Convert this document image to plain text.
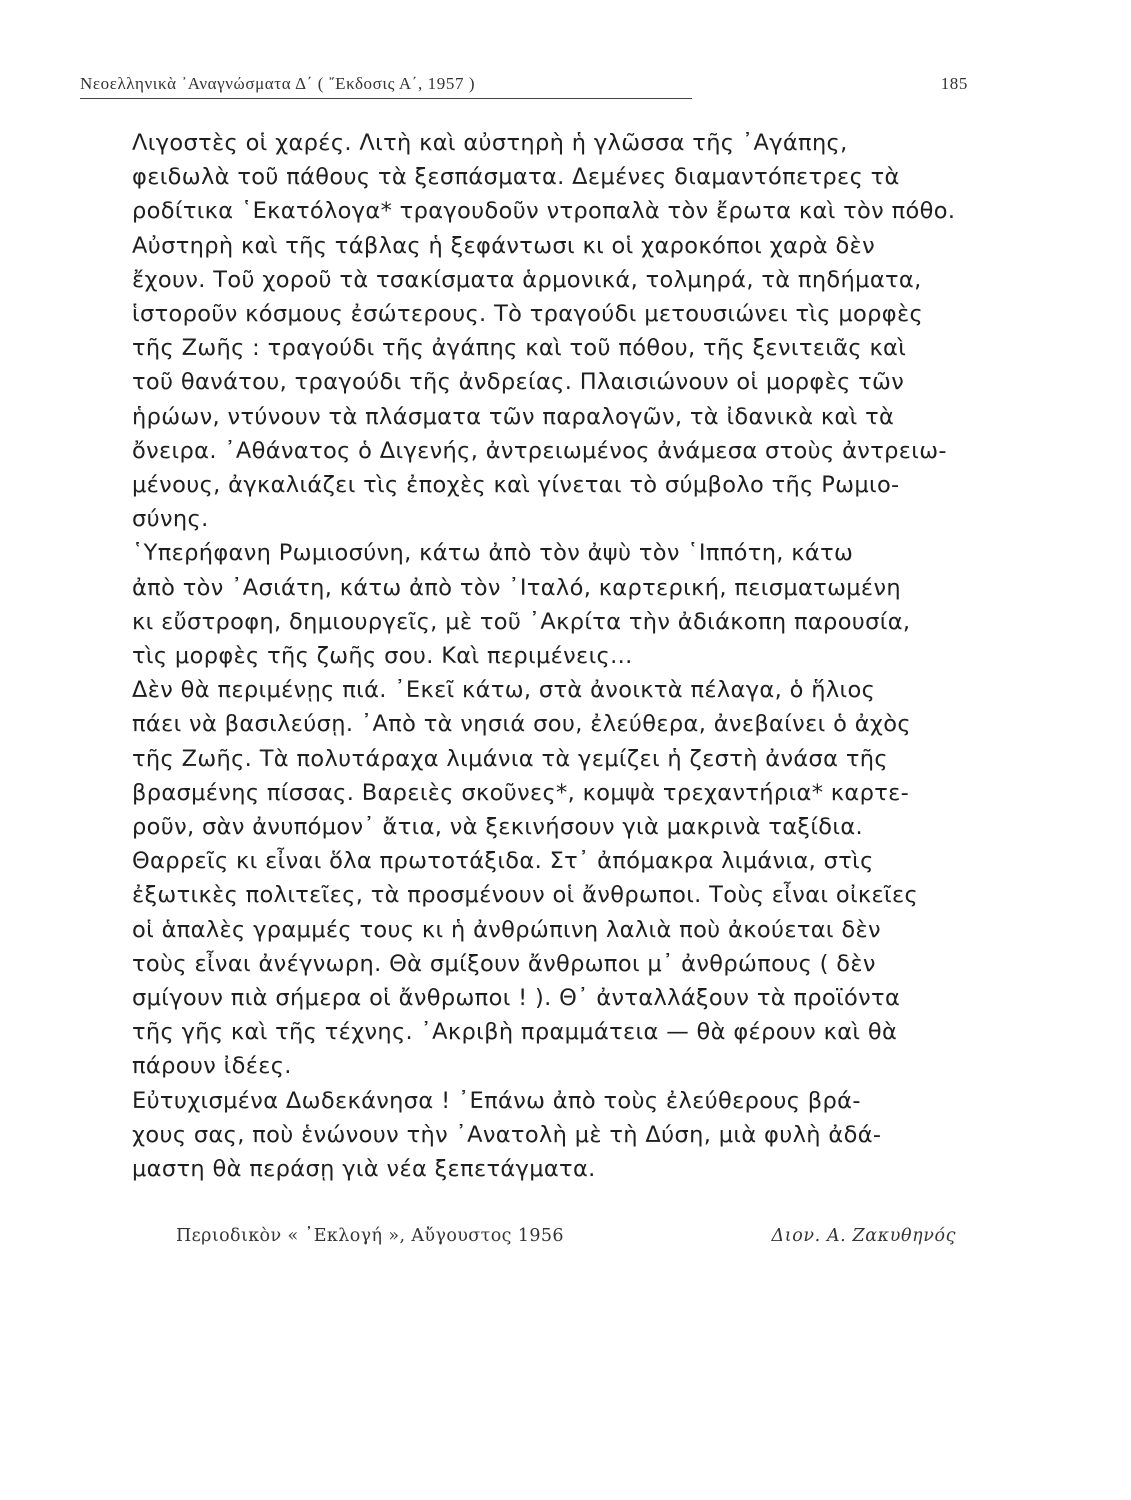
Νεοελληνικὰ ᾿Αναγνώσματα Δ΄ ( ῎Εκδοσις Α΄, 1957 )	185

Λιγοστὲς οἱ χαρές. Λιτὴ καὶ αὐστηρὴ ἡ γλῶσσα τῆς ᾿Αγάπης,
φειδωλὰ τοῦ πάθους τὰ ξεσπάσματα. Δεμένες διαμαντόπετρες τὰ
ροδίτικα ῾Εκατόλογα* τραγουδοῦν ντροπαλὰ τὸν ἔρωτα καὶ τὸν πόθο.
Αὐστηρὴ καὶ τῆς τάβλας ἡ ξεφάντωσι κι οἱ χαροκόποι χαρὰ δὲν
ἔχουν. Τοῦ χοροῦ τὰ τσακίσματα ἁρμονικά, τολμηρά, τὰ πηδήματα,
ἱστοροῦν κόσμους ἐσώτερους. Τὸ τραγούδι μετουσιώνει τὶς μορφὲς
τῆς Ζωῆς : τραγούδι τῆς ἀγάπης καὶ τοῦ πόθου, τῆς ξενιτειᾶς καὶ
τοῦ θανάτου, τραγούδι τῆς ἀνδρείας. Πλαισιώνουν οἱ μορφὲς τῶν
ἡρώων, ντύνουν τὰ πλάσματα τῶν παραλογῶν, τὰ ἰδανικὰ καὶ τὰ
ὄνειρα. ᾿Αθάνατος ὁ Διγενής, ἀντρειωμένος ἀνάμεσα στοὺς ἀντρειω-
μένους, ἀγκαλιάζει τὶς ἐποχὲς καὶ γίνεται τὸ σύμβολο τῆς Ρωμιο-
σύνης.

῾Υπερήφανη Ρωμιοσύνη, κάτω ἀπὸ τὸν ἀψὺ τὸν ῾Ιππότη, κάτω
ἀπὸ τὸν ᾿Ασιάτη, κάτω ἀπὸ τὸν ᾿Ιταλό, καρτερική, πεισματωμένη
κι εὔστροφη, δημιουργεῖς, μὲ τοῦ ᾿Ακρίτα τὴν ἀδιάκοπη παρουσία,
τὶς μορφὲς τῆς ζωῆς σου. Καὶ περιμένεις...

Δὲν θὰ περιμένῃς πιά. ᾿Εκεῖ κάτω, στὰ ἀνοικτὰ πέλαγα, ὁ ἥλιος
πάει νὰ βασιλεύσῃ. ᾿Απὸ τὰ νησιά σου, ἐλεύθερα, ἀνεβαίνει ὁ ἀχὸς
τῆς Ζωῆς. Τὰ πολυτάραχα λιμάνια τὰ γεμίζει ἡ ζεστὴ ἀνάσα τῆς
βρασμένης πίσσας. Βαρειὲς σκοῦνες*, κομψὰ τρεχαντήρια* καρτε-
ροῦν, σὰν ἀνυπόμον᾿ ἄτια, νὰ ξεκινήσουν γιὰ μακρινὰ ταξίδια.
Θαρρεῖς κι εἶναι ὅλα πρωτοτάξιδα. Στ᾿ ἀπόμακρα λιμάνια, στὶς
ἐξωτικὲς πολιτεῖες, τὰ προσμένουν οἱ ἄνθρωποι. Τοὺς εἶναι οἰκεῖες
οἱ ἁπαλὲς γραμμές τους κι ἡ ἀνθρώπινη λαλιὰ ποὺ ἀκούεται δὲν
τοὺς εἶναι ἀνέγνωρη. Θὰ σμίξουν ἄνθρωποι μ᾿ ἀνθρώπους ( δὲν
σμίγουν πιὰ σήμερα οἱ ἄνθρωποι ! ). Θ᾿ ἀνταλλάξουν τὰ προϊόντα
τῆς γῆς καὶ τῆς τέχνης. ᾿Ακριβὴ πραμμάτεια — θὰ φέρουν καὶ θὰ
πάρουν ἰδέες.

Εὐτυχισμένα Δωδεκάνησα ! ᾿Επάνω ἀπὸ τοὺς ἐλεύθερους βρά-
χους σας, ποὺ ἑνώνουν τὴν ᾿Ανατολὴ μὲ τὴ Δύση, μιὰ φυλὴ ἀδά-
μαστη θὰ περάσῃ γιὰ νέα ξεπετάγματα.

Περιοδικὸν « ᾿Εκλογή », Αὔγουστος 1956	Διον. Α. Ζακυθηνός
